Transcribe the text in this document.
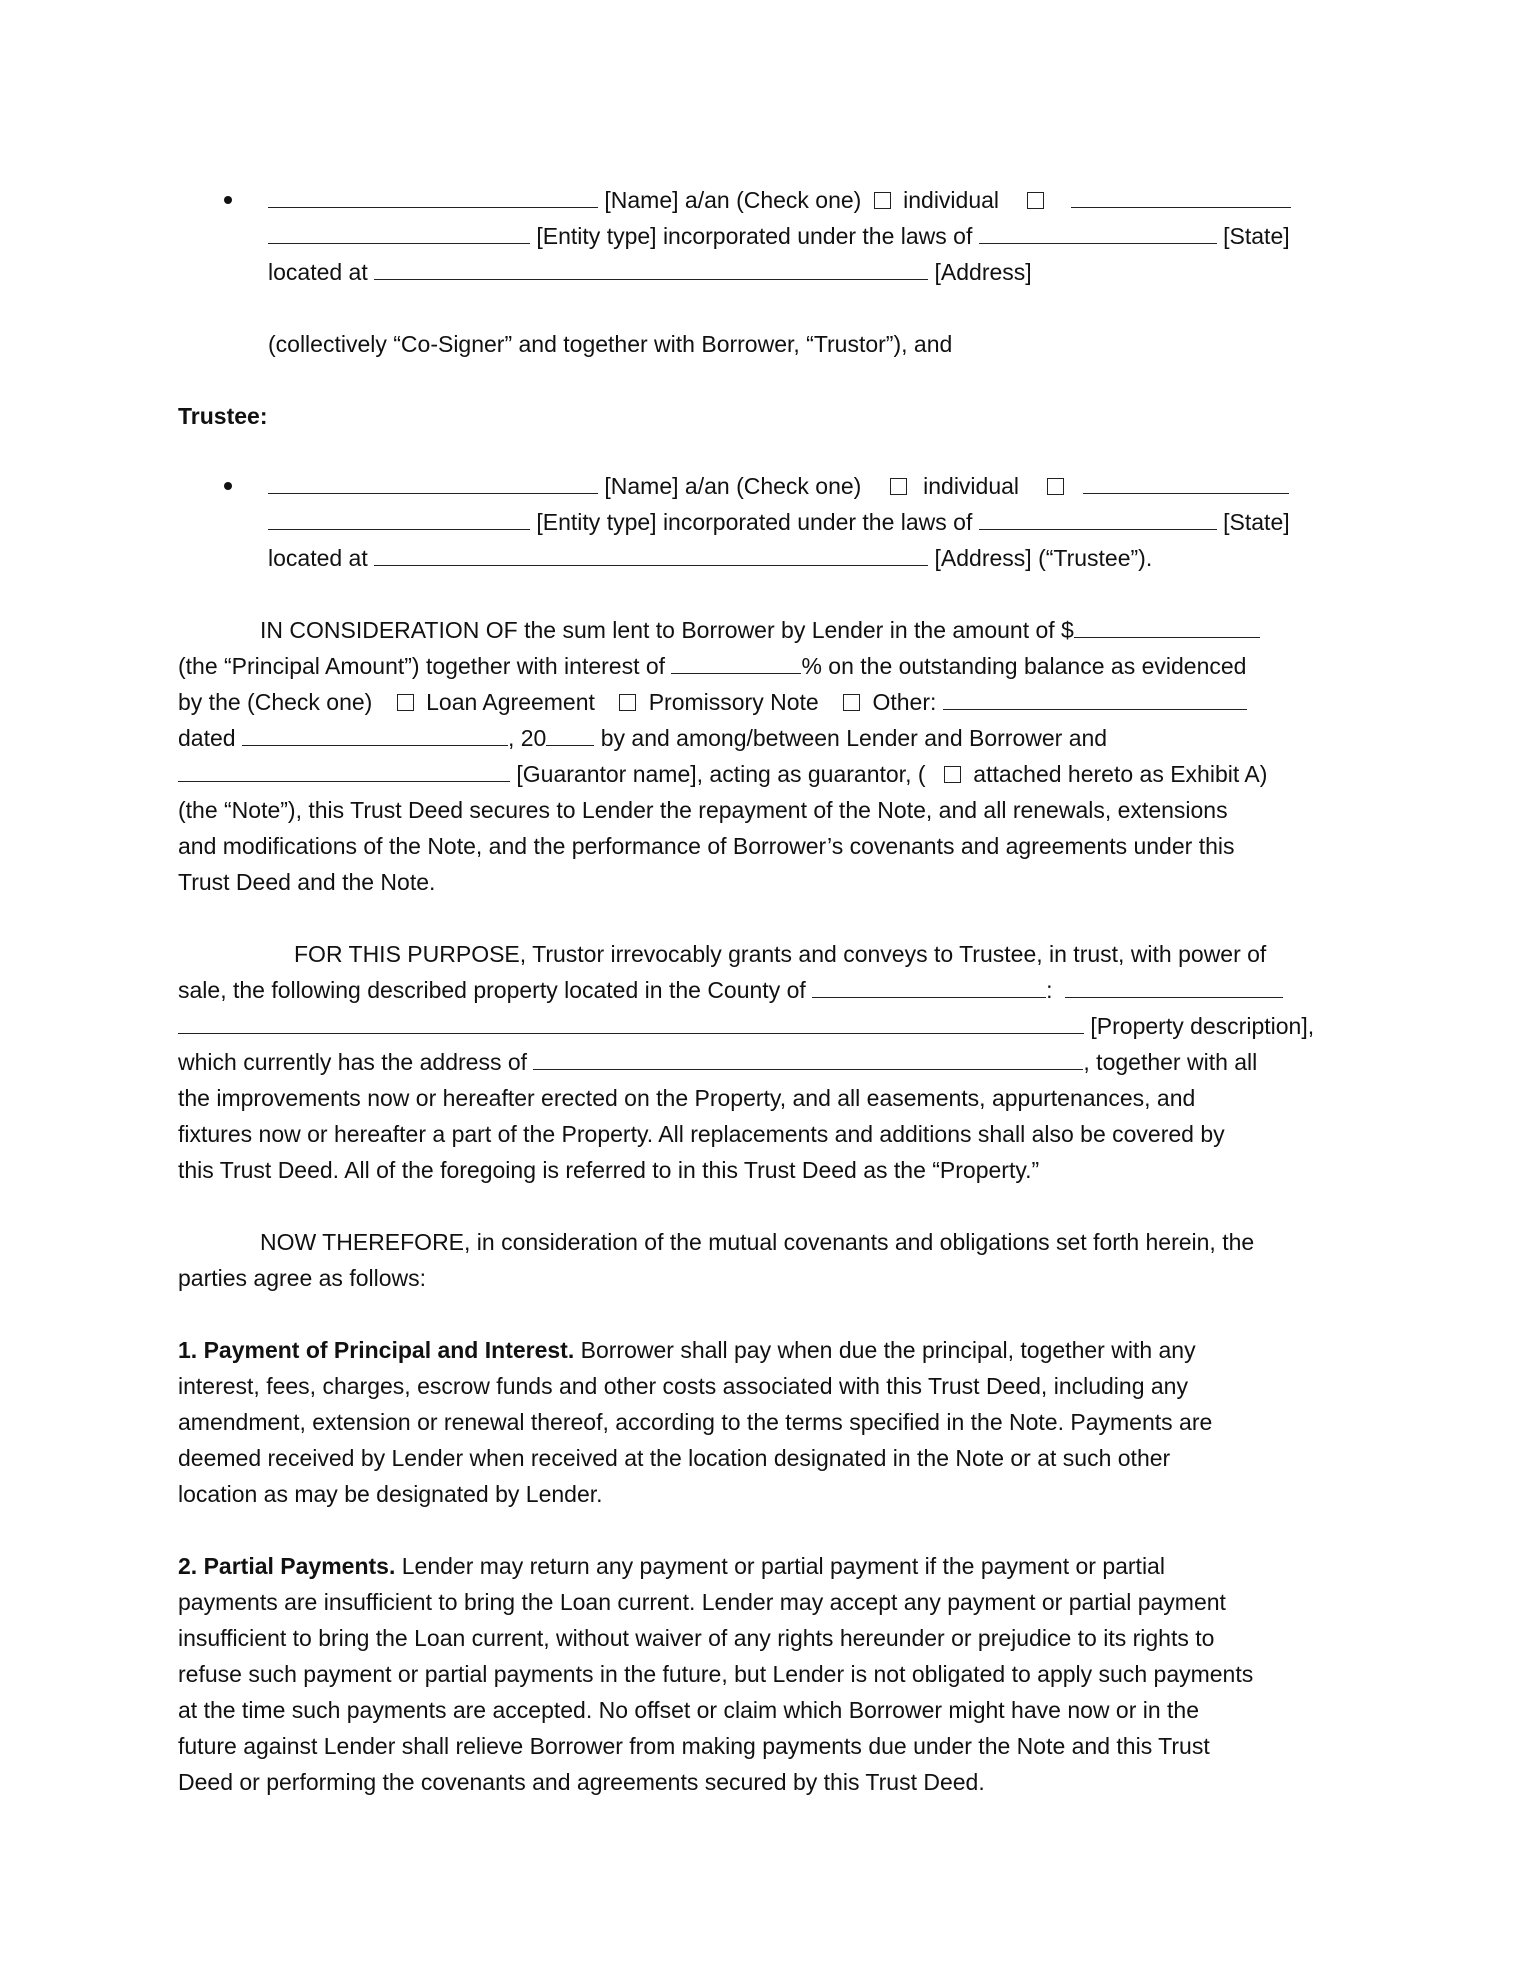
[Name] a/an (Check one) individual
[Entity type] incorporated under the laws of	[State]
located at	[Address]
(collectively “Co-Signer” and together with Borrower, “Trustor”), and
Trustee:
[Name] a/an (Check one)	individual
[Entity type] incorporated under the laws of	[State]
located at	[Address] (“Trustee”).
IN CONSIDERATION OF the sum lent to Borrower by Lender in the amount of $
(the “Principal Amount”) together with interest of	% on the outstanding balance as evidenced
by the (Check one) Loan Agreement Promissory Note Other:
dated	, 20 by and among/between Lender and Borrower and
[Guarantor name], acting as guarantor, ( attached hereto as Exhibit A)
(the “Note”), this Trust Deed secures to Lender the repayment of the Note, and all renewals, extensions
and modifications of the Note, and the performance of Borrower’s covenants and agreements under this
Trust Deed and the Note.
FOR THIS PURPOSE, Trustor irrevocably grants and conveys to Trustee, in trust, with power of
sale, the following described property located in the County of	:
[Property description],
which currently has the address of	, together with all
the improvements now or hereafter erected on the Property, and all easements, appurtenances, and
fixtures now or hereafter a part of the Property. All replacements and additions shall also be covered by
this Trust Deed. All of the foregoing is referred to in this Trust Deed as the “Property.”
NOW THEREFORE, in consideration of the mutual covenants and obligations set forth herein, the
parties agree as follows:
1. Payment of Principal and Interest. Borrower shall pay when due the principal, together with any
interest, fees, charges, escrow funds and other costs associated with this Trust Deed, including any
amendment, extension or renewal thereof, according to the terms specified in the Note. Payments are
deemed received by Lender when received at the location designated in the Note or at such other
location as may be designated by Lender.
2. Partial Payments. Lender may return any payment or partial payment if the payment or partial
payments are insufficient to bring the Loan current. Lender may accept any payment or partial payment
insufficient to bring the Loan current, without waiver of any rights hereunder or prejudice to its rights to
refuse such payment or partial payments in the future, but Lender is not obligated to apply such payments
at the time such payments are accepted. No offset or claim which Borrower might have now or in the
future against Lender shall relieve Borrower from making payments due under the Note and this Trust
Deed or performing the covenants and agreements secured by this Trust Deed.
